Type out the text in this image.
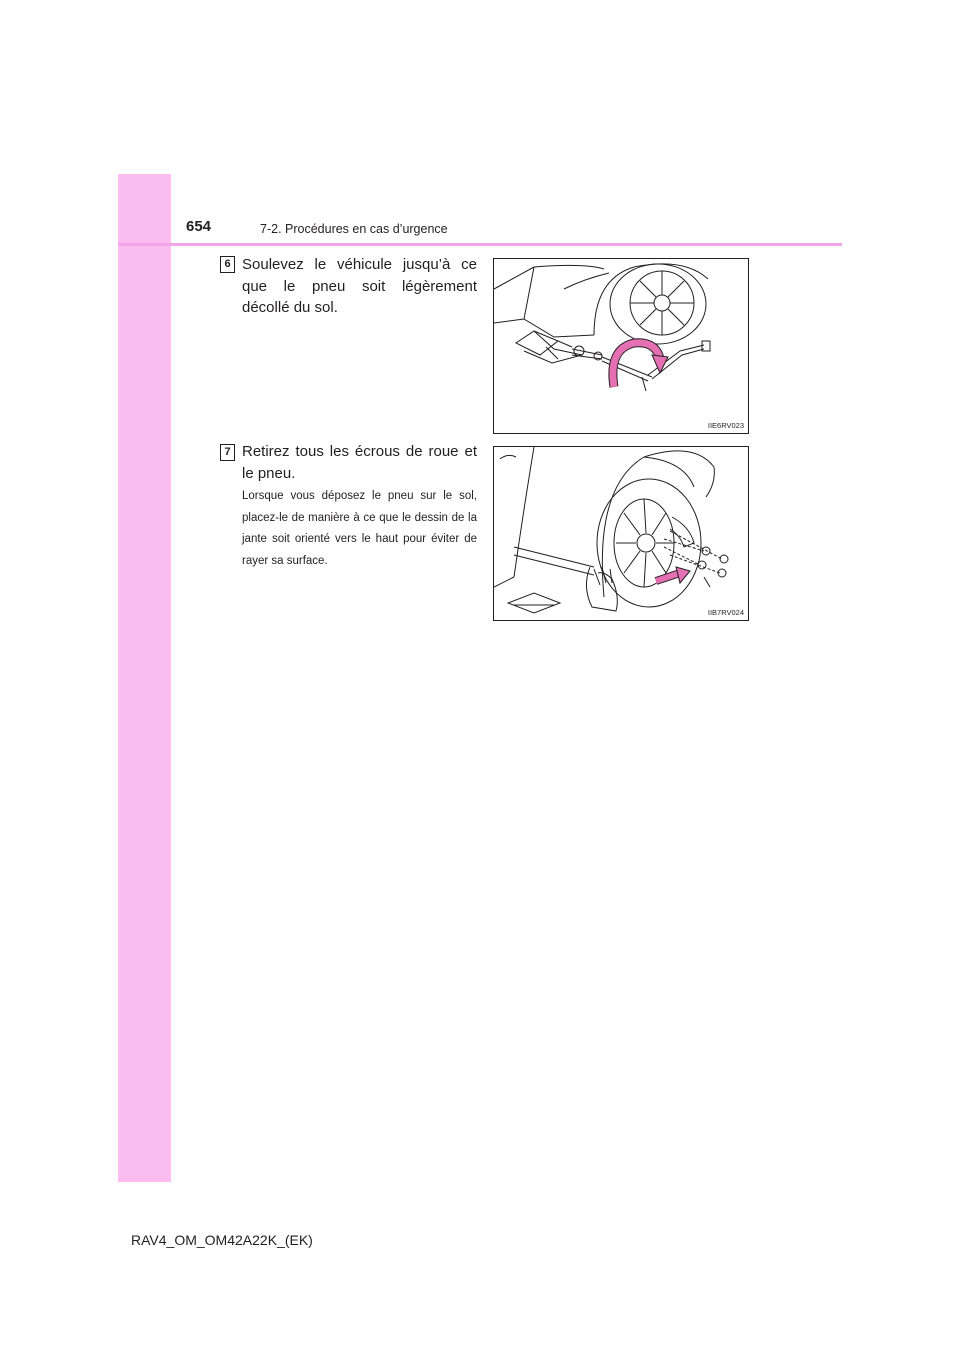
654	7-2. Procédures en cas d’urgence
6 Soulevez le véhicule jusqu’à ce que le pneu soit légèrement décollé du sol.
IIE6RV023
7 Retirez tous les écrous de roue et le pneu.
Lorsque vous déposez le pneu sur le sol, placez-le de manière à ce que le dessin de la jante soit orienté vers le haut pour éviter de rayer sa surface.
IIB7RV024
RAV4_OM_OM42A22K_(EK)
